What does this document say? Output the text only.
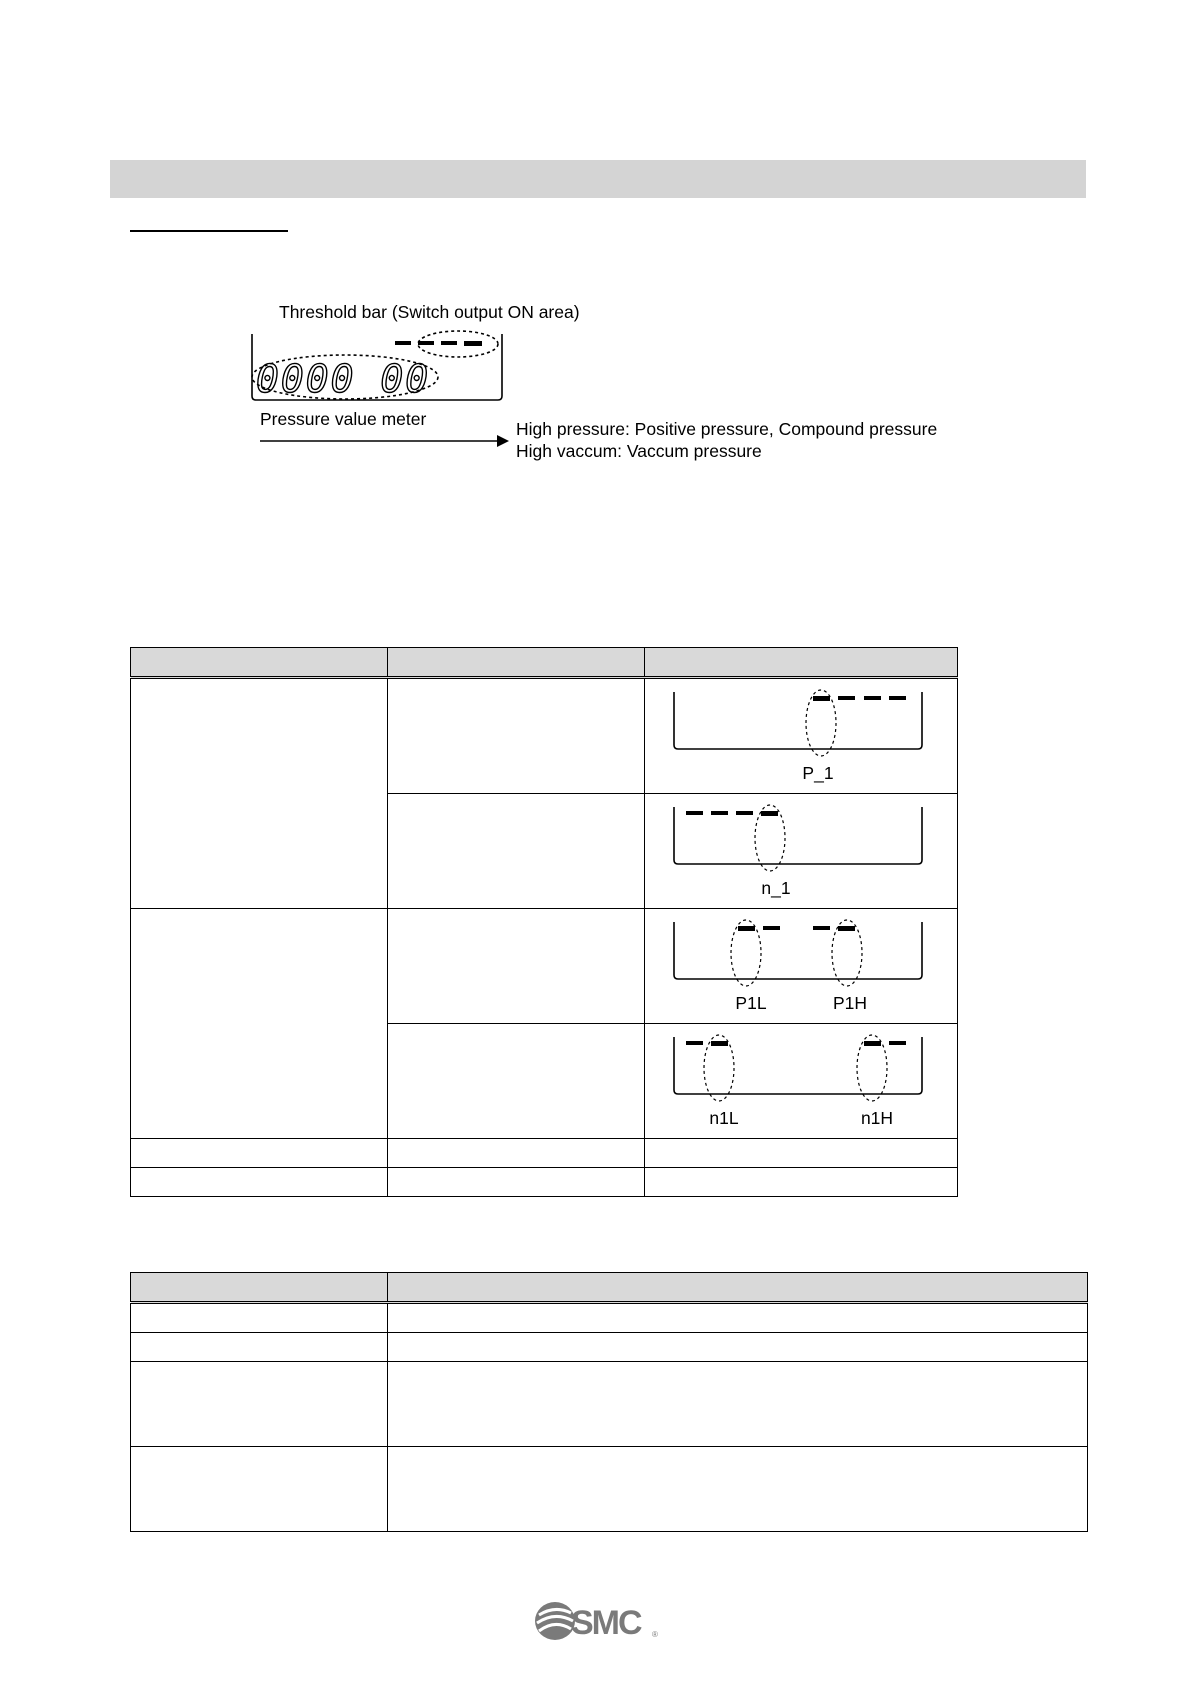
0000 00
Threshold bar (Switch output ON area)
Pressure value meter	High pressure: Positive pressure, Compound pressure
High vaccum: Vaccum pressure

P_1
n_1
P1L	P1H
n1L	n1H

SMC ®
